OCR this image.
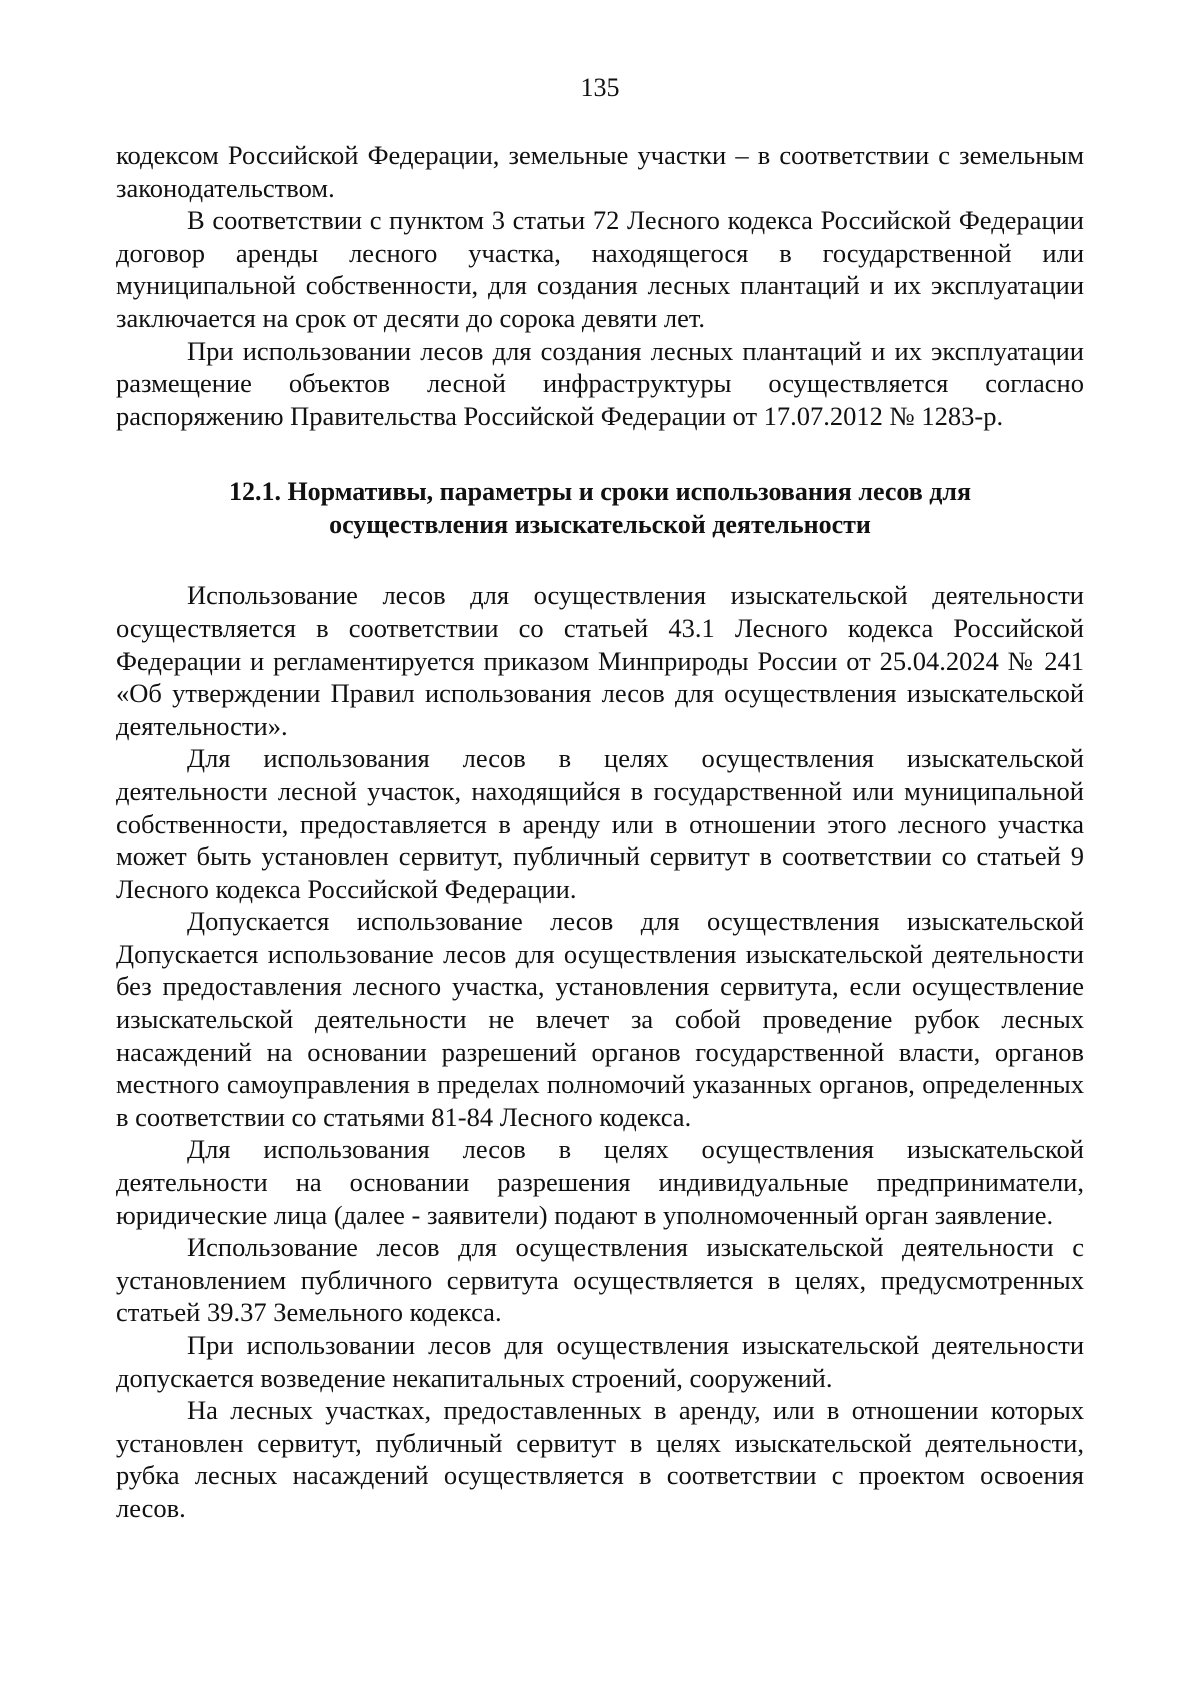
135

кодексом Российской Федерации, земельные участки – в соответствии с земельным законодательством.

В соответствии с пунктом 3 статьи 72 Лесного кодекса Российской Федерации договор аренды лесного участка, находящегося в государственной или муниципальной собственности, для создания лесных плантаций и их эксплуатации заключается на срок от десяти до сорока девяти лет.

При использовании лесов для создания лесных плантаций и их эксплуатации размещение объектов лесной инфраструктуры осуществляется согласно распоряжению Правительства Российской Федерации от 17.07.2012 № 1283-р.

12.1. Нормативы, параметры и сроки использования лесов для
осуществления изыскательской деятельности

Использование лесов для осуществления изыскательской деятельности осуществляется в соответствии со статьей 43.1 Лесного кодекса Российской Федерации и регламентируется приказом Минприроды России от 25.04.2024 № 241 «Об утверждении Правил использования лесов для осуществления изыскательской деятельности».

Для использования лесов в целях осуществления изыскательской деятельности лесной участок, находящийся в государственной или муниципальной собственности, предоставляется в аренду или в отношении этого лесного участка может быть установлен сервитут, публичный сервитут в соответствии со статьей 9 Лесного кодекса Российской Федерации.

Допускается использование лесов для осуществления изыскательской Допускается использование лесов для осуществления изыскательской деятельности без предоставления лесного участка, установления сервитута, если осуществление изыскательской деятельности не влечет за собой проведение рубок лесных насаждений на основании разрешений органов государственной власти, органов местного самоуправления в пределах полномочий указанных органов, определенных в соответствии со статьями 81-84 Лесного кодекса.

Для использования лесов в целях осуществления изыскательской деятельности на основании разрешения индивидуальные предприниматели, юридические лица (далее - заявители) подают в уполномоченный орган заявление.

Использование лесов для осуществления изыскательской деятельности с установлением публичного сервитута осуществляется в целях, предусмотренных статьей 39.37 Земельного кодекса.

При использовании лесов для осуществления изыскательской деятельности допускается возведение некапитальных строений, сооружений.

На лесных участках, предоставленных в аренду, или в отношении которых установлен сервитут, публичный сервитут в целях изыскательской деятельности, рубка лесных насаждений осуществляется в соответствии с проектом освоения лесов.
